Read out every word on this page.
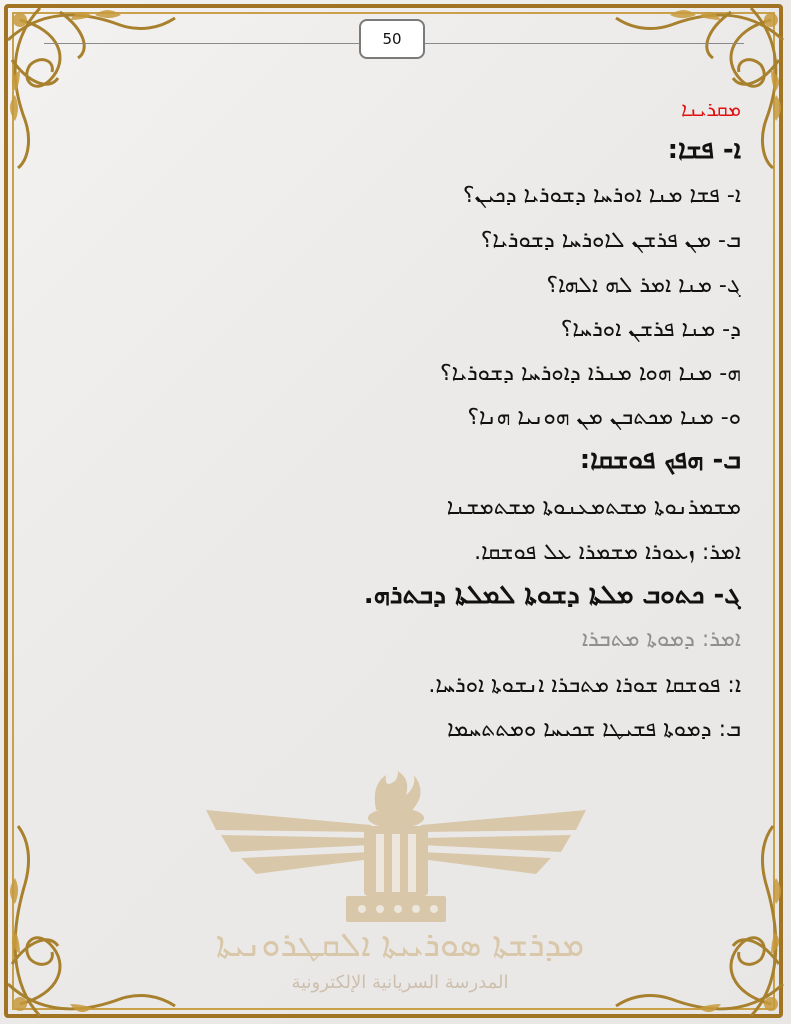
50
ܡܩܪܝܢܐ
ܐ- ܦܫܐ:
ܐ- ܦܫܐ ܡܢܐ ܐܘܪܚܐ ܕܫܘܪܝܐ ܕܟܝܢ؟
ܒ- ܡܢ ܦܪܫܢ ܠܐܘܪܚܐ ܕܫܘܪܝܐ؟
ܓ- ܡܢܐ ܐܡܪ ܠܗ ܐܠܗܐ؟
ܕ- ܡܢܐ ܦܪܫܢ ܐܘܪܚܐ؟
ܗ- ܡܢܐ ܗܘܐ ܡܢܪܐ ܕܐܘܪܚܐ ܕܫܘܪܝܐ؟
ܘ- ܡܢܐ ܡܟܬܒܢ ܡܢ ܗܘܢܝܐ ܗܢܐ؟
ܒ- ܗܦܟ ܦܘܫܩܐ:
ܡܫܡܪܢܘܬܐ ܡܫܬܡܥܢܘܬܐ ܡܫܬܡܫܢܐ
ܐܡܪ: ܙܥܘܪܐ ܡܫܡܪܐ ܥܠ ܦܘܫܩܐ.
ܓ- ܟܬܘܒ ܡܠܬܐ ܕܫܘܬܐ ܠܡܠܬܐ ܕܒܬܪܗ.
ܐܡܪ: ܕܡܘܬܐ ܡܬܒܪܐ
ܐ: ܦܘܫܩܐ ܫܘܪܐ ܡܬܒܪܐ ܐܢܫܘܬܐ ܐܘܪܚܐ.
ܒ: ܕܡܘܬܐ ܦܫܝܛܐ ܫܟܝܚܐ ܘܡܬܬܚܡܐ
ܡܕܪܫܬܐ ܣܘܪܝܝܬܐ ܐܠܩܛܪܘܢܝܬܐ
المدرسة السريانية الإلكترونية
